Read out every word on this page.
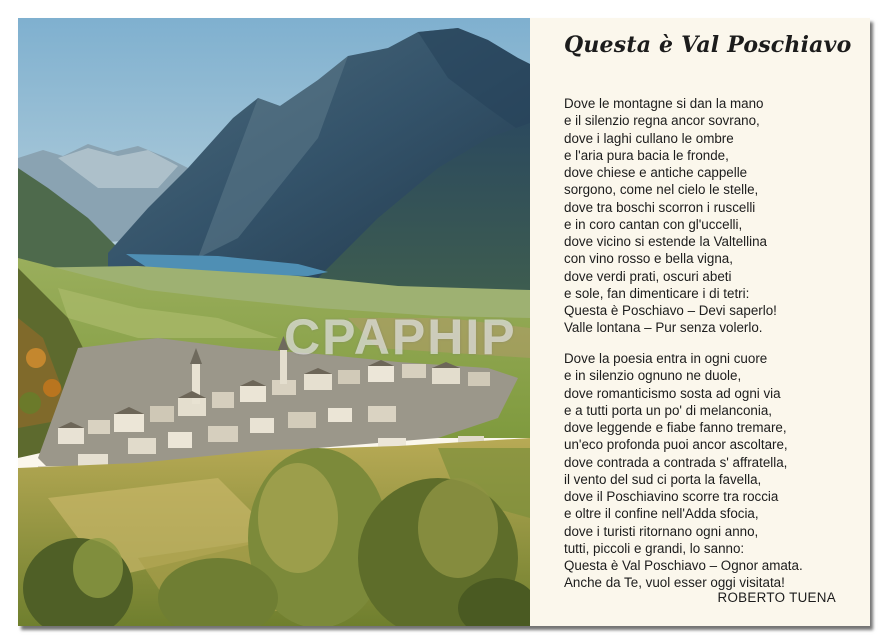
Questa è Val Poschiavo
Dove le montagne si dan la mano
e il silenzio regna ancor sovrano,
dove i laghi cullano le ombre
e l'aria pura bacia le fronde,
dove chiese e antiche cappelle
sorgono, come nel cielo le stelle,
dove tra boschi scorron i ruscelli
e in coro cantan con gl'uccelli,
dove vicino si estende la Valtellina
con vino rosso e bella vigna,
dove verdi prati, oscuri abeti
e sole, fan dimenticare i di tetri:
Questa è Poschiavo – Devi saperlo!
Valle lontana – Pur senza volerlo.
Dove la poesia entra in ogni cuore
e in silenzio ognuno ne duole,
dove romanticismo sosta ad ogni via
e a tutti porta un po' di melanconia,
dove leggende e fiabe fanno tremare,
un'eco profonda puoi ancor ascoltare,
dove contrada a contrada s' affratella,
il vento del sud ci porta la favella,
dove il Poschiavino scorre tra roccia
e oltre il confine nell'Adda sfocia,
dove i turisti ritornano ogni anno,
tutti, piccoli e grandi, lo sanno:
Questa è Val Poschiavo – Ognor amata.
Anche da Te, vuol esser oggi visitata!
ROBERTO TUENA
CPAPHIP
